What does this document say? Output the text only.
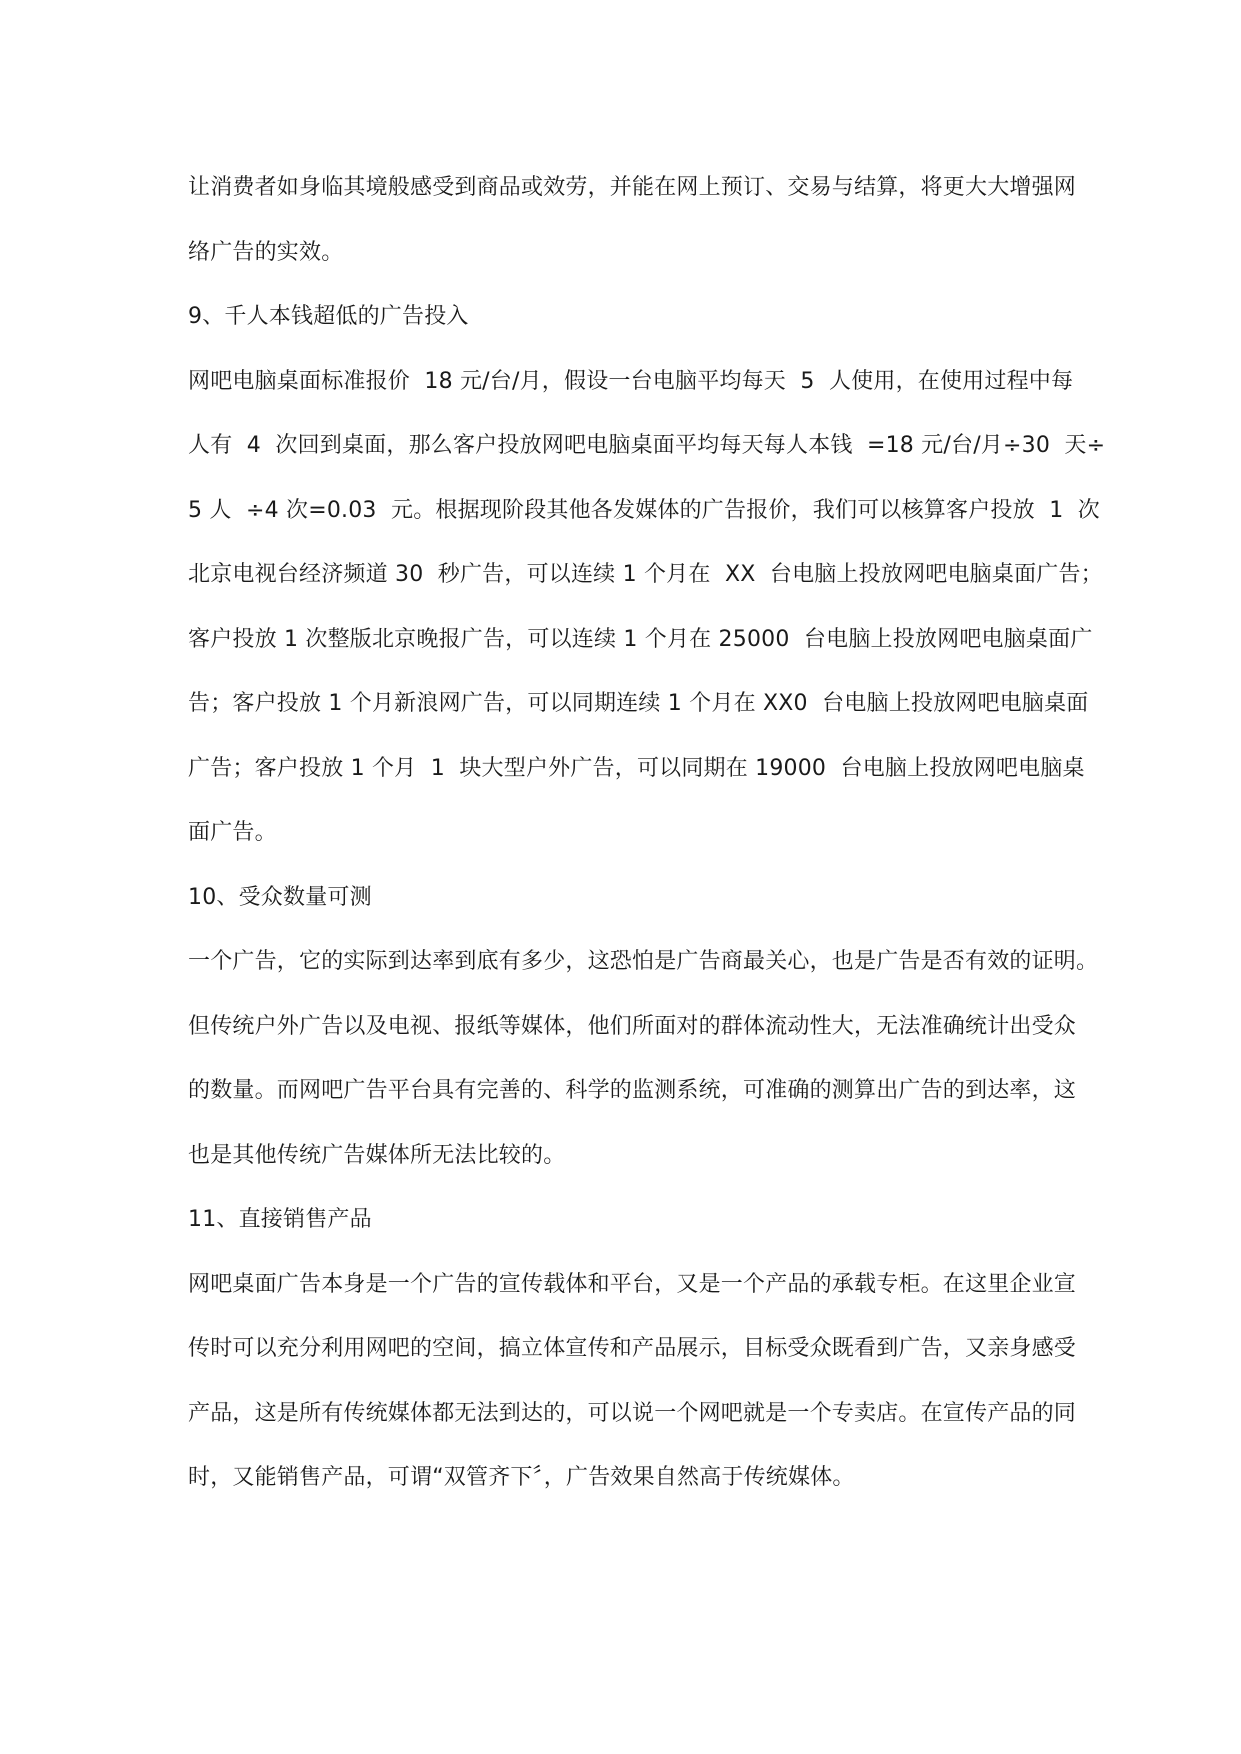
让消费者如身临其境般感受到商品或效劳，并能在网上预订、交易与结算，将更大大增强网
络广告的实效。
9、千人本钱超低的广告投入
网吧电脑桌面标准报价  18 元/台/月，假设一台电脑平均每天  5  人使用，在使用过程中每
人有  4  次回到桌面，那么客户投放网吧电脑桌面平均每天每人本钱  =18 元/台/月÷30  天÷
5 人  ÷4 次=0.03  元。根据现阶段其他各发媒体的广告报价，我们可以核算客户投放  1  次
北京电视台经济频道 30  秒广告，可以连续 1 个月在  XX  台电脑上投放网吧电脑桌面广告；
客户投放 1 次整版北京晚报广告，可以连续 1 个月在 25000  台电脑上投放网吧电脑桌面广
告；客户投放 1 个月新浪网广告，可以同期连续 1 个月在 XX0  台电脑上投放网吧电脑桌面
广告；客户投放 1 个月  1  块大型户外广告，可以同期在 19000  台电脑上投放网吧电脑桌
面广告。
10、受众数量可测
一个广告，它的实际到达率到底有多少，这恐怕是广告商最关心，也是广告是否有效的证明。
但传统户外广告以及电视、报纸等媒体，他们所面对的群体流动性大，无法准确统计出受众
的数量。而网吧广告平台具有完善的、科学的监测系统，可准确的测算出广告的到达率，这
也是其他传统广告媒体所无法比较的。
11、直接销售产品
网吧桌面广告本身是一个广告的宣传载体和平台，又是一个产品的承载专柜。在这里企业宣
传时可以充分利用网吧的空间，搞立体宣传和产品展示，目标受众既看到广告，又亲身感受
产品，这是所有传统媒体都无法到达的，可以说一个网吧就是一个专卖店。在宣传产品的同
时，又能销售产品，可谓“双管齐下〞，广告效果自然高于传统媒体。
